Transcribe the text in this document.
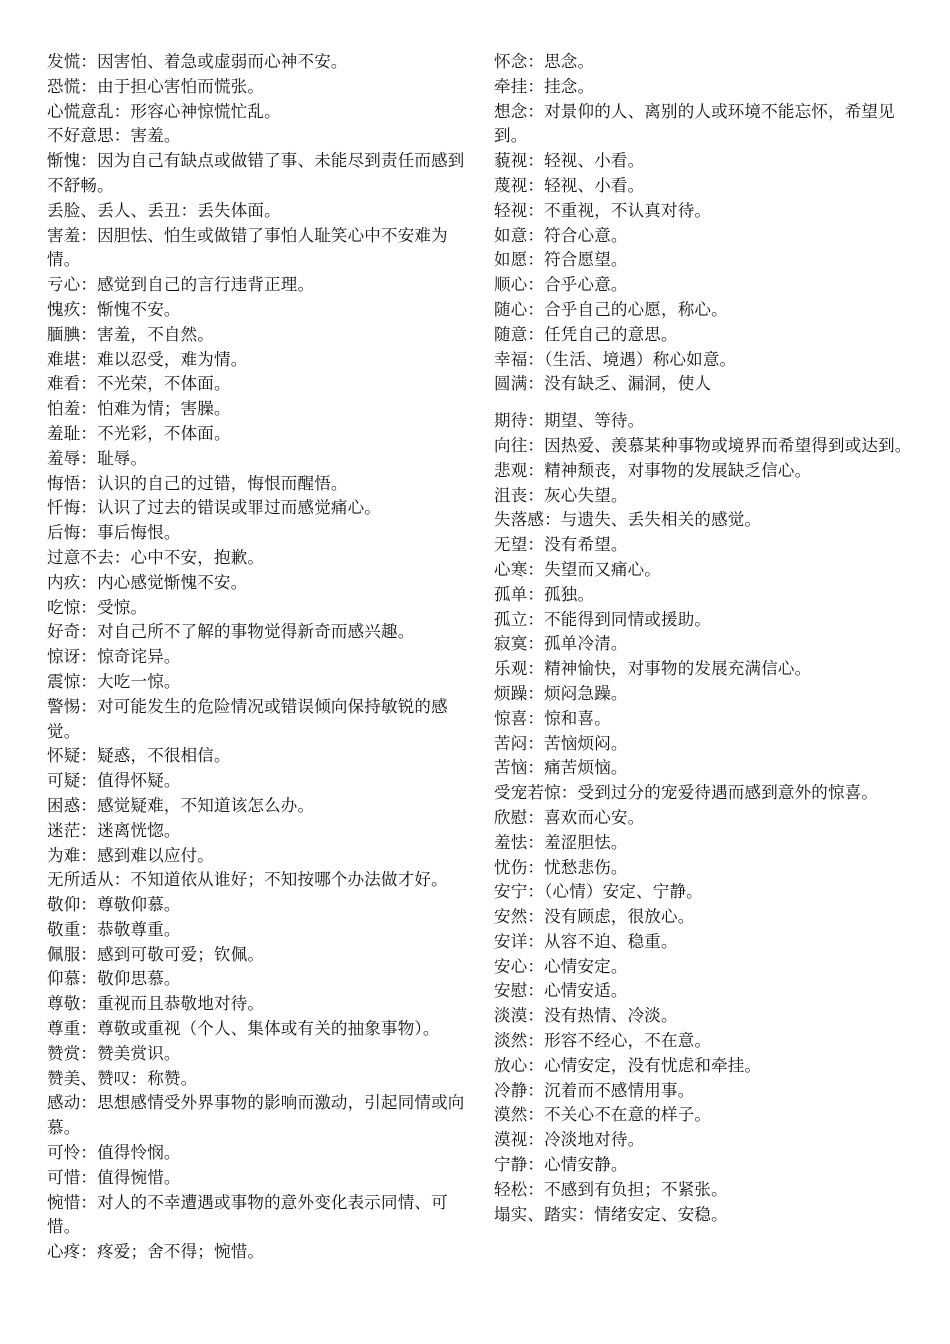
发慌：因害怕、着急或虚弱而心神不安。

恐慌：由于担心害怕而慌张。

心慌意乱：形容心神惊慌忙乱。

不好意思：害羞。

惭愧：因为自己有缺点或做错了事、未能尽到责任而感到不舒畅。

丢脸、丢人、丢丑：丢失体面。

害羞：因胆怯、怕生或做错了事怕人耻笑心中不安难为情。

亏心：感觉到自己的言行违背正理。

愧疚：惭愧不安。

腼腆：害羞，不自然。

难堪：难以忍受，难为情。

难看：不光荣，不体面。

怕羞：怕难为情；害臊。

羞耻：不光彩，不体面。

羞辱：耻辱。

悔悟：认识的自己的过错，悔恨而醒悟。

忏悔：认识了过去的错误或罪过而感觉痛心。

后悔：事后悔恨。

过意不去：心中不安，抱歉。

内疚：内心感觉惭愧不安。

吃惊：受惊。

好奇：对自己所不了解的事物觉得新奇而感兴趣。

惊讶：惊奇诧异。

震惊：大吃一惊。

警惕：对可能发生的危险情况或错误倾向保持敏锐的感觉。

怀疑：疑惑，不很相信。

可疑：值得怀疑。

困惑：感觉疑难，不知道该怎么办。

迷茫：迷离恍惚。

为难：感到难以应付。

无所适从：不知道依从谁好；不知按哪个办法做才好。

敬仰：尊敬仰慕。

敬重：恭敬尊重。

佩服：感到可敬可爱；钦佩。

仰慕：敬仰思慕。

尊敬：重视而且恭敬地对待。

尊重：尊敬或重视（个人、集体或有关的抽象事物）。

赞赏：赞美赏识。

赞美、赞叹：称赞。

感动：思想感情受外界事物的影响而激动，引起同情或向慕。

可怜：值得怜悯。

可惜：值得惋惜。

惋惜：对人的不幸遭遇或事物的意外变化表示同情、可惜。

心疼：疼爱；舍不得；惋惜。

怀念：思念。

牵挂：挂念。

想念：对景仰的人、离别的人或环境不能忘怀，希望见到。

藐视：轻视、小看。

蔑视：轻视、小看。

轻视：不重视，不认真对待。

如意：符合心意。

如愿：符合愿望。

顺心：合乎心意。

随心：合乎自己的心愿，称心。

随意：任凭自己的意思。

幸福：（生活、境遇）称心如意。

圆满：没有缺乏、漏洞，使人

期待：期望、等待。

向往：因热爱、羡慕某种事物或境界而希望得到或达到。

悲观：精神颓丧，对事物的发展缺乏信心。

沮丧：灰心失望。

失落感：与遗失、丢失相关的感觉。

无望：没有希望。

心寒：失望而又痛心。

孤单：孤独。

孤立：不能得到同情或援助。

寂寞：孤单冷清。

乐观：精神愉快，对事物的发展充满信心。

烦躁：烦闷急躁。

惊喜：惊和喜。

苦闷：苦恼烦闷。

苦恼：痛苦烦恼。

受宠若惊：受到过分的宠爱待遇而感到意外的惊喜。

欣慰：喜欢而心安。

羞怯：羞涩胆怯。

忧伤：忧愁悲伤。

安宁：（心情）安定、宁静。

安然：没有顾虑，很放心。

安详：从容不迫、稳重。

安心：心情安定。

安慰：心情安适。

淡漠：没有热情、冷淡。

淡然：形容不经心，不在意。

放心：心情安定，没有忧虑和牵挂。

冷静：沉着而不感情用事。

漠然：不关心不在意的样子。

漠视：冷淡地对待。

宁静：心情安静。

轻松：不感到有负担；不紧张。

塌实、踏实：情绪安定、安稳。
